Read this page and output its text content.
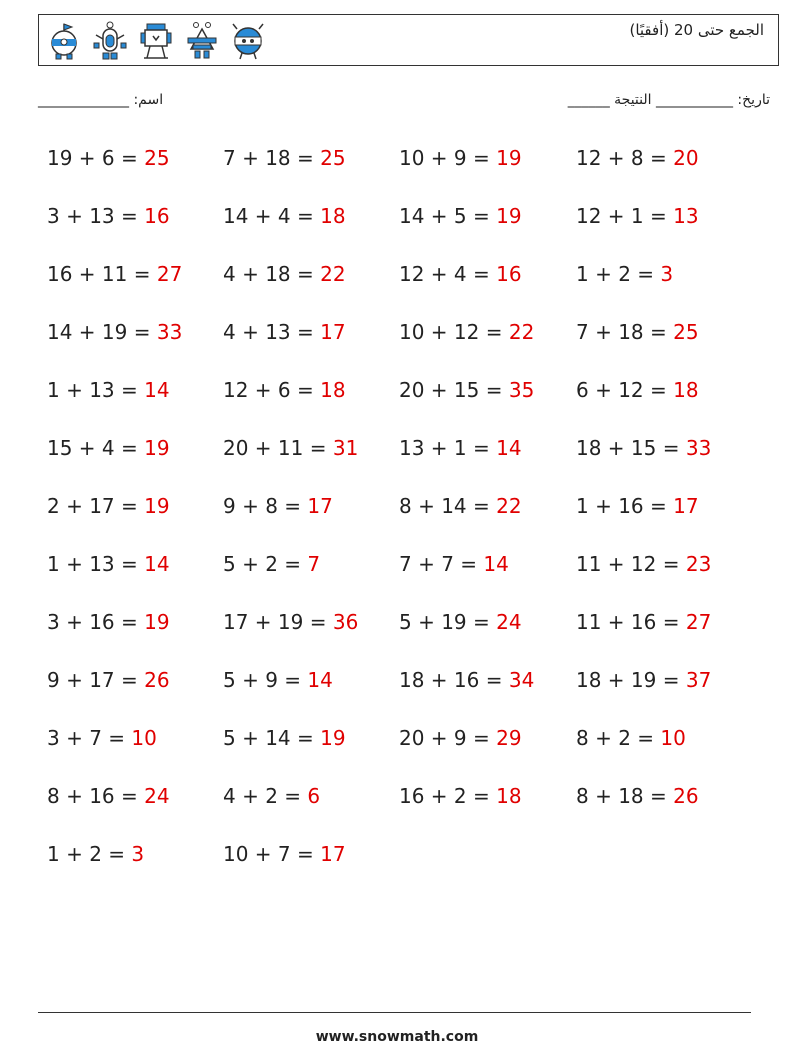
الجمع حتى 20 (أفقيًا)
اسم: _____________	تاريخ: ___________ النتيجة ______
19 + 6 = 25	7 + 18 = 25	10 + 9 = 19	12 + 8 = 20
3 + 13 = 16	14 + 4 = 18	14 + 5 = 19	12 + 1 = 13
16 + 11 = 27 4 + 18 = 22	12 + 4 = 16	1 + 2 = 3
14 + 19 = 33 4 + 13 = 17	10 + 12 = 22 7 + 18 = 25
1 + 13 = 14	12 + 6 = 18	20 + 15 = 35 6 + 12 = 18
15 + 4 = 19	20 + 11 = 31 13 + 1 = 14	18 + 15 = 33
2 + 17 = 19	9 + 8 = 17	8 + 14 = 22	1 + 16 = 17
1 + 13 = 14	5 + 2 = 7	7 + 7 = 14	11 + 12 = 23
3 + 16 = 19	17 + 19 = 36 5 + 19 = 24	11 + 16 = 27
9 + 17 = 26	5 + 9 = 14	18 + 16 = 34 18 + 19 = 37
3 + 7 = 10	5 + 14 = 19	20 + 9 = 29	8 + 2 = 10
8 + 16 = 24	4 + 2 = 6	16 + 2 = 18	8 + 18 = 26
1 + 2 = 3	10 + 7 = 17
www.snowmath.com
